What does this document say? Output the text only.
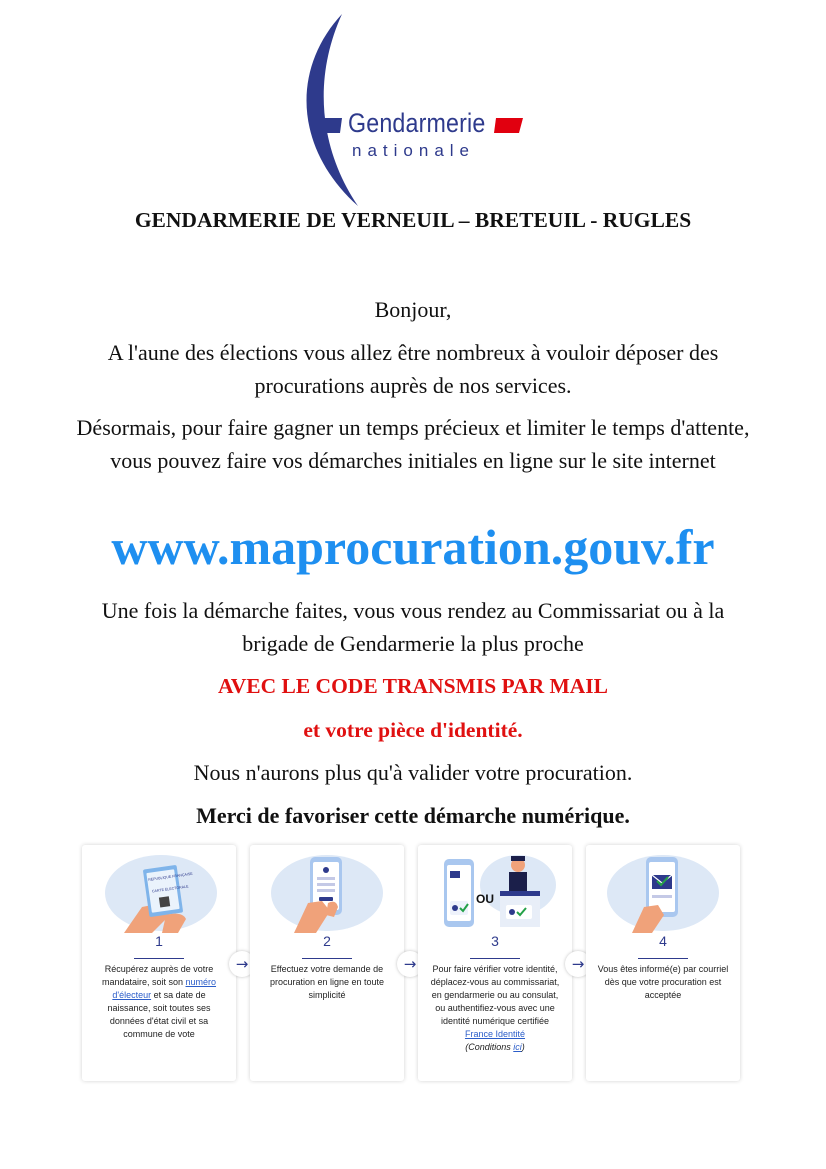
Gendarmerie
nationale
GENDARMERIE DE VERNEUIL – BRETEUIL - RUGLES

Bonjour,

A l'aune des élections vous allez être nombreux à vouloir déposer des procurations auprès de nos services.

Désormais, pour faire gagner un temps précieux et limiter le temps d'attente, vous pouvez faire vos démarches initiales en ligne sur le site internet

www.maprocuration.gouv.fr

Une fois la démarche faites, vous vous rendez au Commissariat ou à la brigade de Gendarmerie la plus proche

AVEC LE CODE TRANSMIS PAR MAIL

et votre pièce d'identité.

Nous n'aurons plus qu'à valider votre procuration.

Merci de favoriser cette démarche numérique.

RÉPUBLIQUE FRANÇAISE
CARTE ÉLECTORALE
1
Récupérez auprès de votre mandataire, soit son numéro d'électeur et sa date de naissance, soit toutes ses données d'état civil et sa commune de vote
→
2
Effectuez votre demande de procuration en ligne en toute simplicité
→
OU
3
Pour faire vérifier votre identité, déplacez-vous au commissariat, en gendarmerie ou au consulat, ou authentifiez-vous avec une identité numérique certifiée
France Identité
(Conditions ici)
→
4
Vous êtes informé(e) par courriel dès que votre procuration est acceptée
